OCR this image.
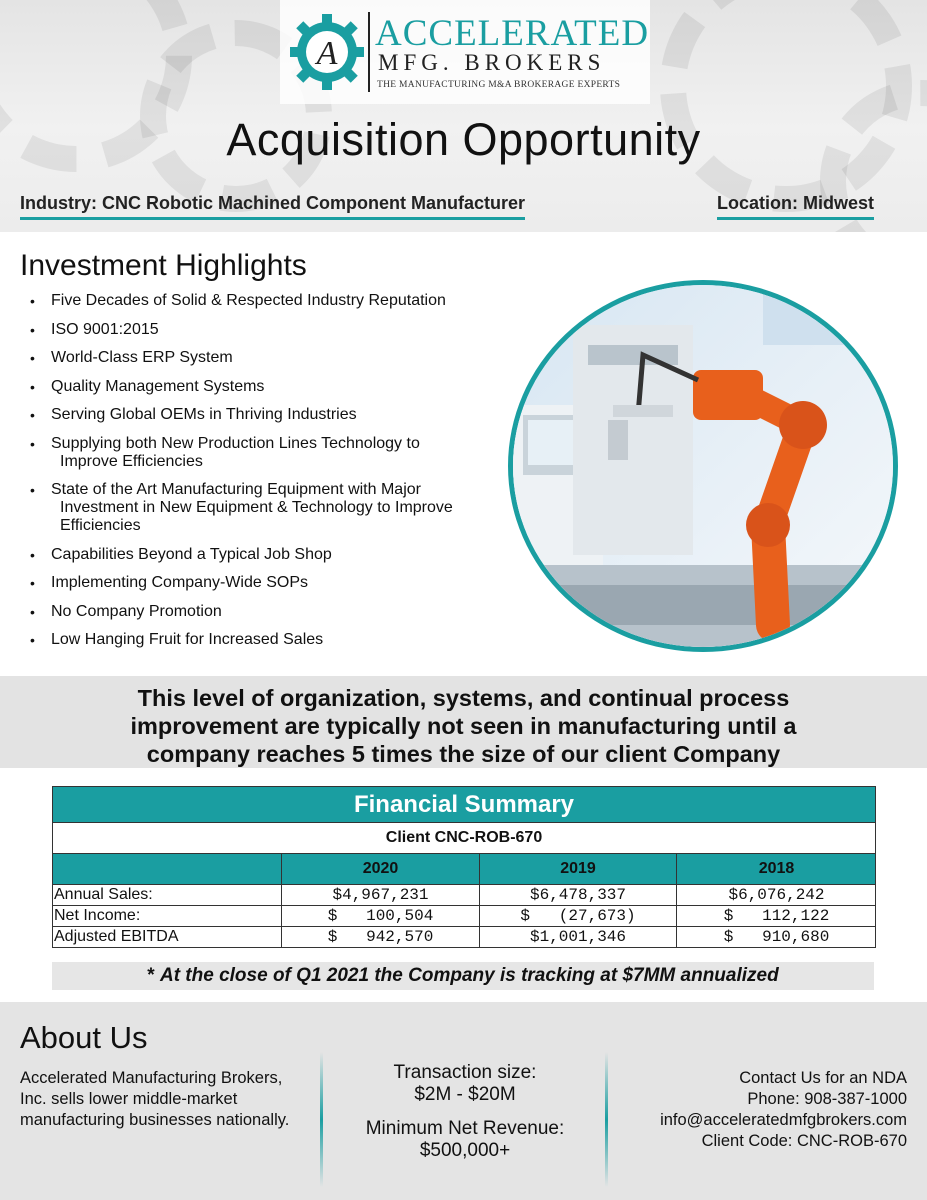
A ACCELERATED
MFG. BROKERS
THE MANUFACTURING M&A BROKERAGE EXPERTS
Acquisition Opportunity
Industry: CNC Robotic Machined Component Manufacturer	Location: Midwest
Investment Highlights
• Five Decades of Solid & Respected Industry Reputation
• ISO 9001:2015
• World-Class ERP System
• Quality Management Systems
• Serving Global OEMs in Thriving Industries
• Supplying both New Production Lines Technology to
Improve Efficiencies
• State of the Art Manufacturing Equipment with Major
Investment in New Equipment & Technology to Improve Efficiencies
• Capabilities Beyond a Typical Job Shop
• Implementing Company-Wide SOPs
• No Company Promotion
• Low Hanging Fruit for Increased Sales
This level of organization, systems, and continual process improvement are typically not seen in manufacturing until a company reaches 5 times the size of our client Company
Financial Summary
Client CNC-ROB-670
2020	2019	2018
Annual Sales:	$4,967,231	$6,478,337	$6,076,242
Net Income:	$   100,504	$   (27,673)	$   112,122
Adjusted EBITDA	$   942,570	$1,001,346	$   910,680
* At the close of Q1 2021 the Company is tracking at $7MM annualized
About Us
Accelerated Manufacturing Brokers, Inc. sells lower middle-market manufacturing businesses nationally.
Transaction size:
$2M - $20M
Minimum Net Revenue:
$500,000+
Contact Us for an NDA
Phone: 908-387-1000
info@acceleratedmfgbrokers.com
Client Code: CNC-ROB-670
